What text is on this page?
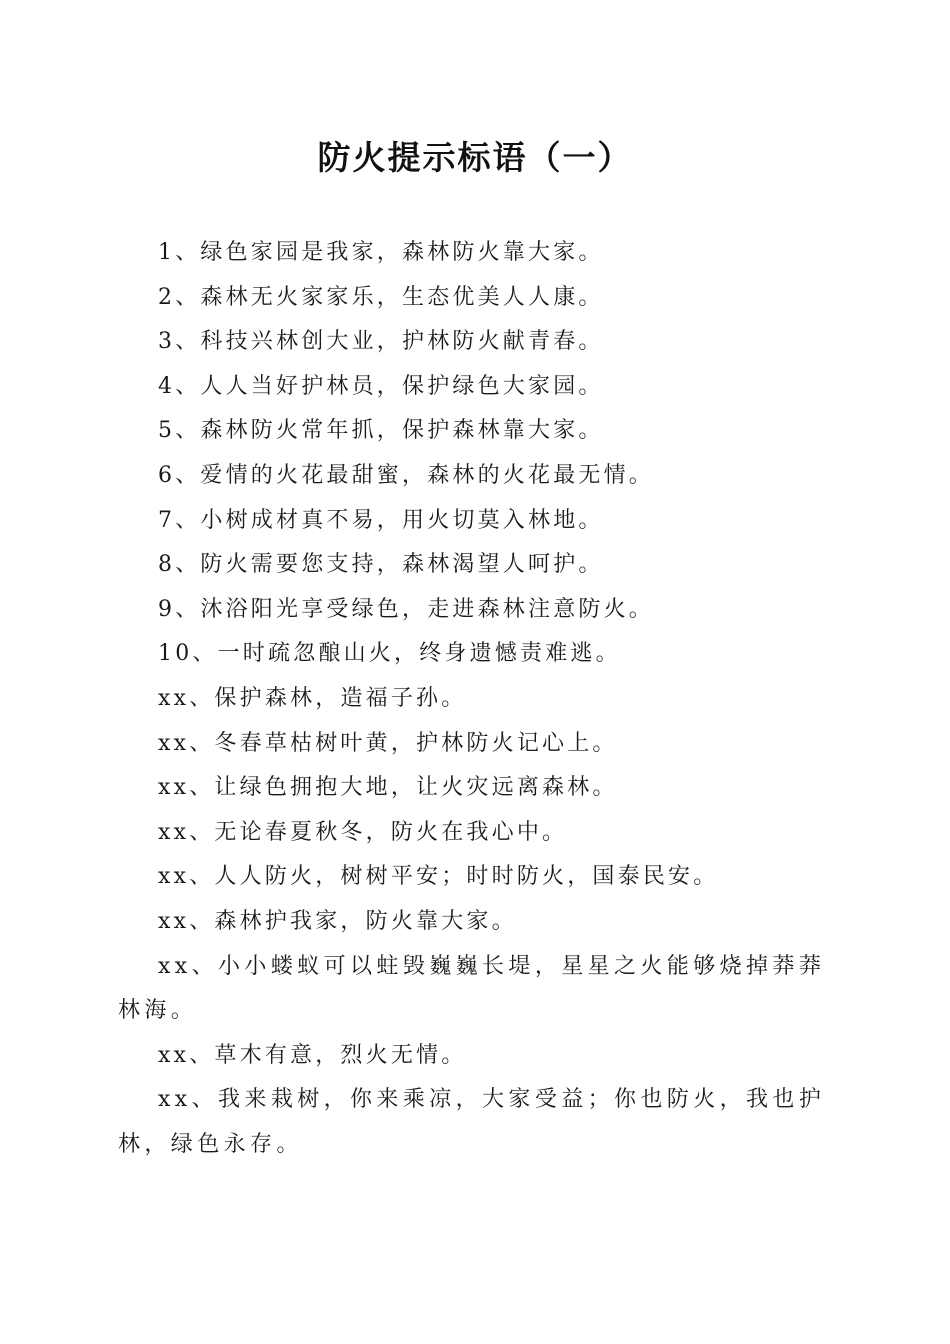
防火提示标语（一）

1、绿色家园是我家，森林防火靠大家。

2、森林无火家家乐，生态优美人人康。

3、科技兴林创大业，护林防火献青春。

4、人人当好护林员，保护绿色大家园。

5、森林防火常年抓，保护森林靠大家。

6、爱情的火花最甜蜜，森林的火花最无情。

7、小树成材真不易，用火切莫入林地。

8、防火需要您支持，森林渴望人呵护。

9、沐浴阳光享受绿色，走进森林注意防火。

10、一时疏忽酿山火，终身遗憾责难逃。

xx、保护森林，造福子孙。

xx、冬春草枯树叶黄，护林防火记心上。

xx、让绿色拥抱大地，让火灾远离森林。

xx、无论春夏秋冬，防火在我心中。

xx、人人防火，树树平安；时时防火，国泰民安。

xx、森林护我家，防火靠大家。

xx、小小蝼蚁可以蛀毁巍巍长堤，星星之火能够烧掉莽莽林海。

xx、草木有意，烈火无情。

xx、我来栽树，你来乘凉，大家受益；你也防火，我也护林，绿色永存。
